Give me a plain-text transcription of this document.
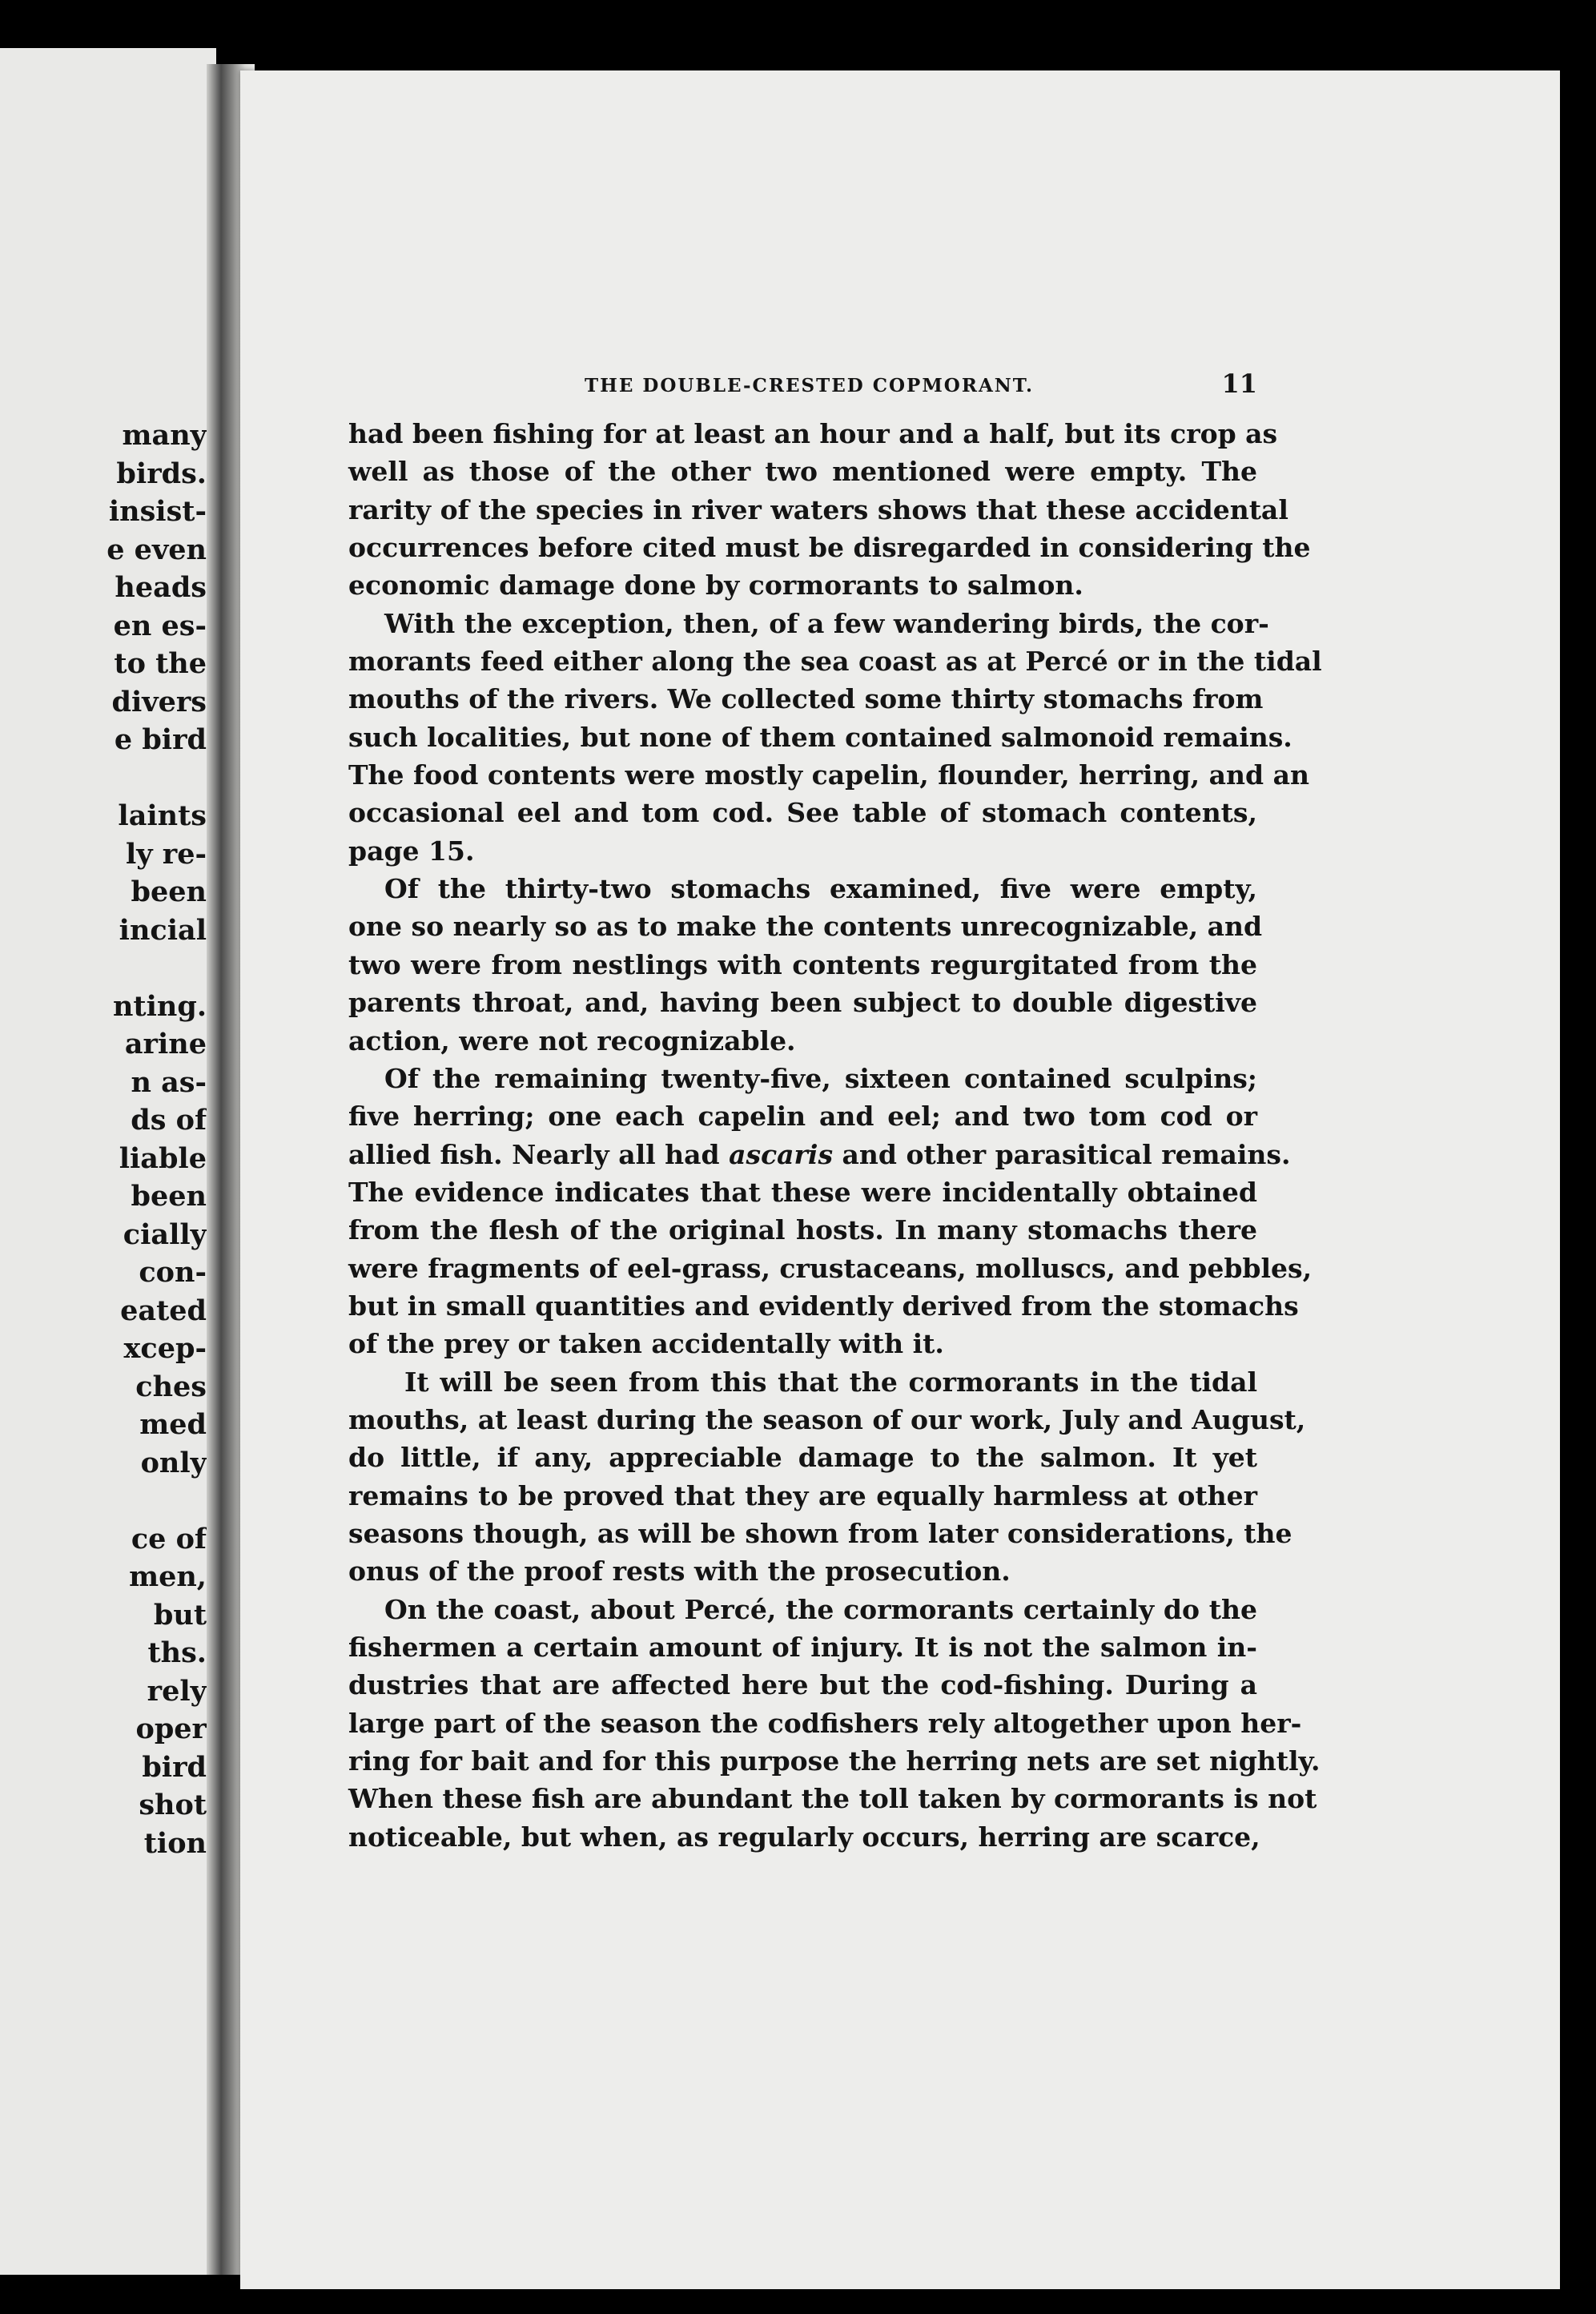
many
birds.
insist-
e even
heads
en es-
to the
divers
e bird
laints
ly re-
been
incial
nting.
arine
n as-
ds of
liable
been
cially
con-
eated
xcep-
ches
med
only
ce of
men,
but
ths.
rely
oper
bird
shot
tion
THE DOUBLE-CRESTED COPMORANT.	11
had been fishing for at least an hour and a half, but its crop as
well as those of the other two mentioned were empty. The
rarity of the species in river waters shows that these accidental
occurrences before cited must be disregarded in considering the
economic damage done by cormorants to salmon.
With the exception, then, of a few wandering birds, the cor-
morants feed either along the sea coast as at Percé or in the tidal
mouths of the rivers. We collected some thirty stomachs from
such localities, but none of them contained salmonoid remains.
The food contents were mostly capelin, flounder, herring, and an
occasional eel and tom cod. See table of stomach contents,
page 15.
Of the thirty-two stomachs examined, five were empty,
one so nearly so as to make the contents unrecognizable, and
two were from nestlings with contents regurgitated from the
parents throat, and, having been subject to double digestive
action, were not recognizable.
Of the remaining twenty-five, sixteen contained sculpins;
five herring; one each capelin and eel; and two tom cod or
allied fish. Nearly all had ascaris and other parasitical remains.
The evidence indicates that these were incidentally obtained
from the flesh of the original hosts. In many stomachs there
were fragments of eel-grass, crustaceans, molluscs, and pebbles,
but in small quantities and evidently derived from the stomachs
of the prey or taken accidentally with it.
It will be seen from this that the cormorants in the tidal
mouths, at least during the season of our work, July and August,
do little, if any, appreciable damage to the salmon. It yet
remains to be proved that they are equally harmless at other
seasons though, as will be shown from later considerations, the
onus of the proof rests with the prosecution.
On the coast, about Percé, the cormorants certainly do the
fishermen a certain amount of injury. It is not the salmon in-
dustries that are affected here but the cod-fishing. During a
large part of the season the codfishers rely altogether upon her-
ring for bait and for this purpose the herring nets are set nightly.
When these fish are abundant the toll taken by cormorants is not
noticeable, but when, as regularly occurs, herring are scarce,
